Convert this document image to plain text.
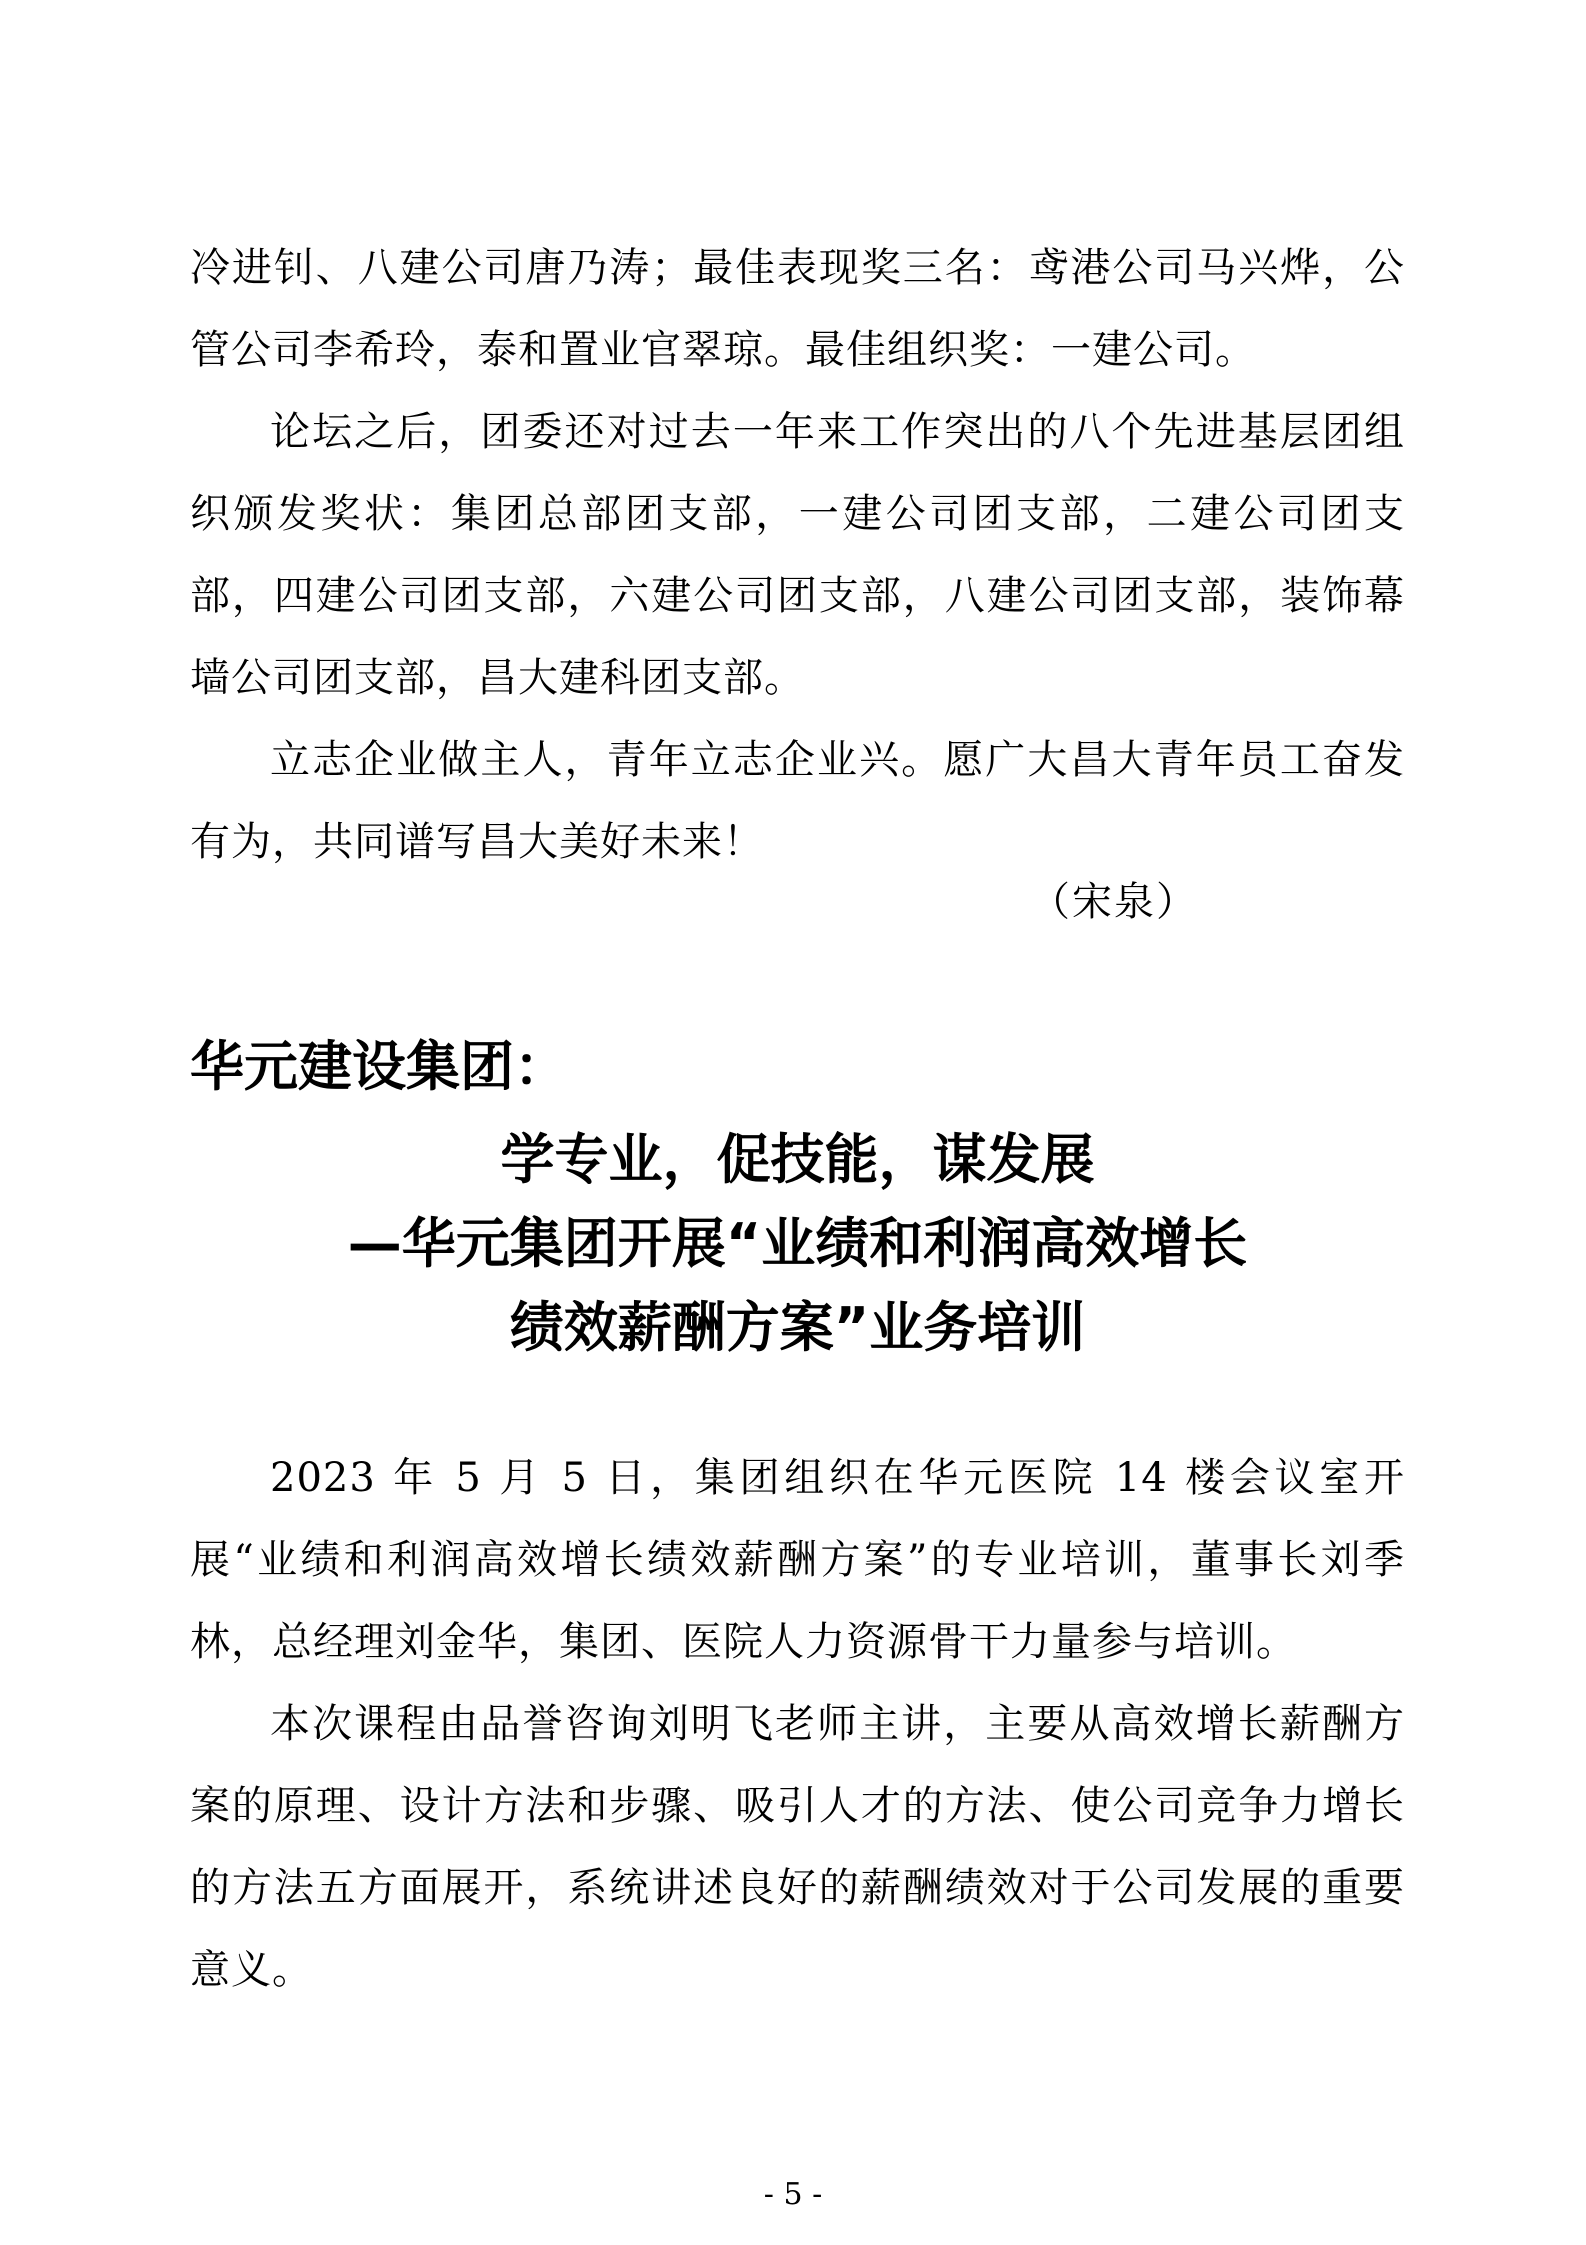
冷进钊、八建公司唐乃涛；最佳表现奖三名：鸢港公司马兴烨，公管公司李希玲，泰和置业官翠琼。最佳组织奖：一建公司。

论坛之后，团委还对过去一年来工作突出的八个先进基层团组织颁发奖状：集团总部团支部，一建公司团支部，二建公司团支部，四建公司团支部，六建公司团支部，八建公司团支部，装饰幕墙公司团支部，昌大建科团支部。

立志企业做主人，青年立志企业兴。愿广大昌大青年员工奋发有为，共同谱写昌大美好未来！

（宋泉）

华元建设集团：
学专业，促技能，谋发展
—华元集团开展“业绩和利润高效增长
绩效薪酬方案”业务培训

2023 年 5 月 5 日，集团组织在华元医院 14 楼会议室开展“业绩和利润高效增长绩效薪酬方案”的专业培训，董事长刘季林，总经理刘金华，集团、医院人力资源骨干力量参与培训。

本次课程由品誉咨询刘明飞老师主讲，主要从高效增长薪酬方案的原理、设计方法和步骤、吸引人才的方法、使公司竞争力增长的方法五方面展开，系统讲述良好的薪酬绩效对于公司发展的重要意义。

- 5 -
